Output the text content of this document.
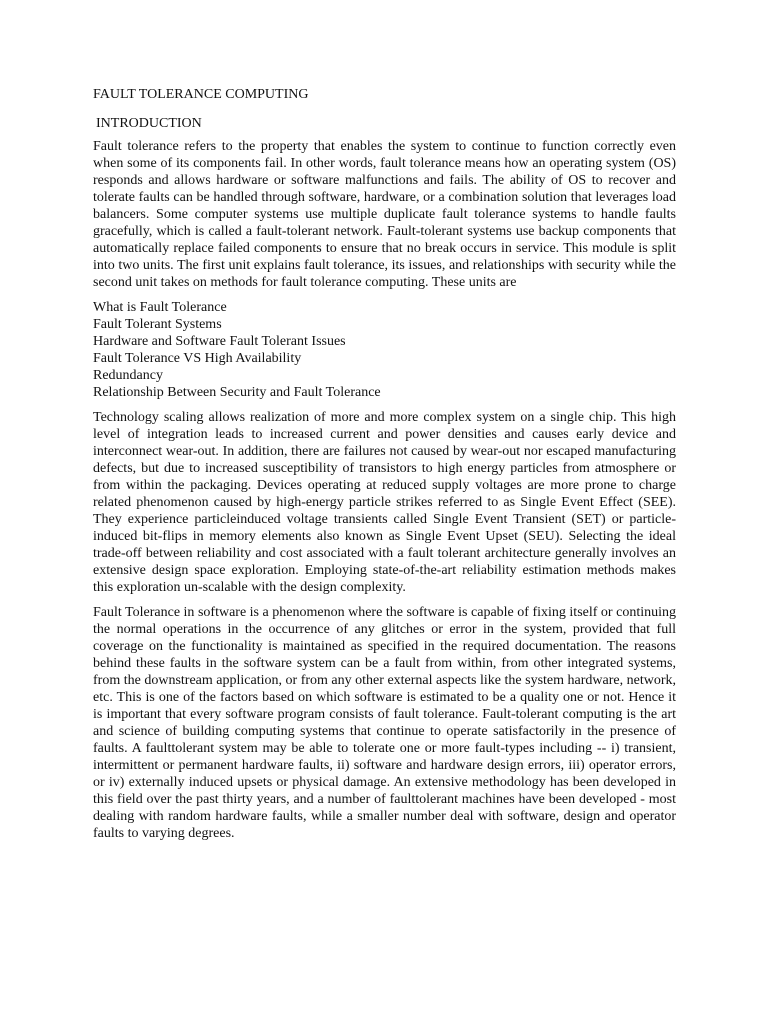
FAULT TOLERANCE COMPUTING
INTRODUCTION

Fault tolerance refers to the property that enables the system to continue to function correctly even when some of its components fail. In other words, fault tolerance means how an operating system (OS) responds and allows hardware or software malfunctions and fails. The ability of OS to recover and tolerate faults can be handled through software, hardware, or a combination solution that leverages load balancers. Some computer systems use multiple duplicate fault tolerance systems to handle faults gracefully, which is called a fault-tolerant network. Fault-tolerant systems use backup components that automatically replace failed components to ensure that no break occurs in service. This module is split into two units. The first unit explains fault tolerance, its issues, and relationships with security while the second unit takes on methods for fault tolerance computing. These units are

What is Fault Tolerance
Fault Tolerant Systems
Hardware and Software Fault Tolerant Issues
Fault Tolerance VS High Availability
Redundancy
Relationship Between Security and Fault Tolerance

Technology scaling allows realization of more and more complex system on a single chip. This high level of integration leads to increased current and power densities and causes early device and interconnect wear-out. In addition, there are failures not caused by wear-out nor escaped manufacturing defects, but due to increased susceptibility of transistors to high energy particles from atmosphere or from within the packaging. Devices operating at reduced supply voltages are more prone to charge related phenomenon caused by high-energy particle strikes referred to as Single Event Effect (SEE). They experience particleinduced voltage transients called Single Event Transient (SET) or particle-induced bit-flips in memory elements also known as Single Event Upset (SEU). Selecting the ideal trade-off between reliability and cost associated with a fault tolerant architecture generally involves an extensive design space exploration. Employing state-of-the-art reliability estimation methods makes this exploration un-scalable with the design complexity.

Fault Tolerance in software is a phenomenon where the software is capable of fixing itself or continuing the normal operations in the occurrence of any glitches or error in the system, provided that full coverage on the functionality is maintained as specified in the required documentation. The reasons behind these faults in the software system can be a fault from within, from other integrated systems, from the downstream application, or from any other external aspects like the system hardware, network, etc. This is one of the factors based on which software is estimated to be a quality one or not. Hence it is important that every software program consists of fault tolerance. Fault-tolerant computing is the art and science of building computing systems that continue to operate satisfactorily in the presence of faults. A faulttolerant system may be able to tolerate one or more fault-types including -- i) transient, intermittent or permanent hardware faults, ii) software and hardware design errors, iii) operator errors, or iv) externally induced upsets or physical damage. An extensive methodology has been developed in this field over the past thirty years, and a number of faulttolerant machines have been developed - most dealing with random hardware faults, while a smaller number deal with software, design and operator faults to varying degrees.
